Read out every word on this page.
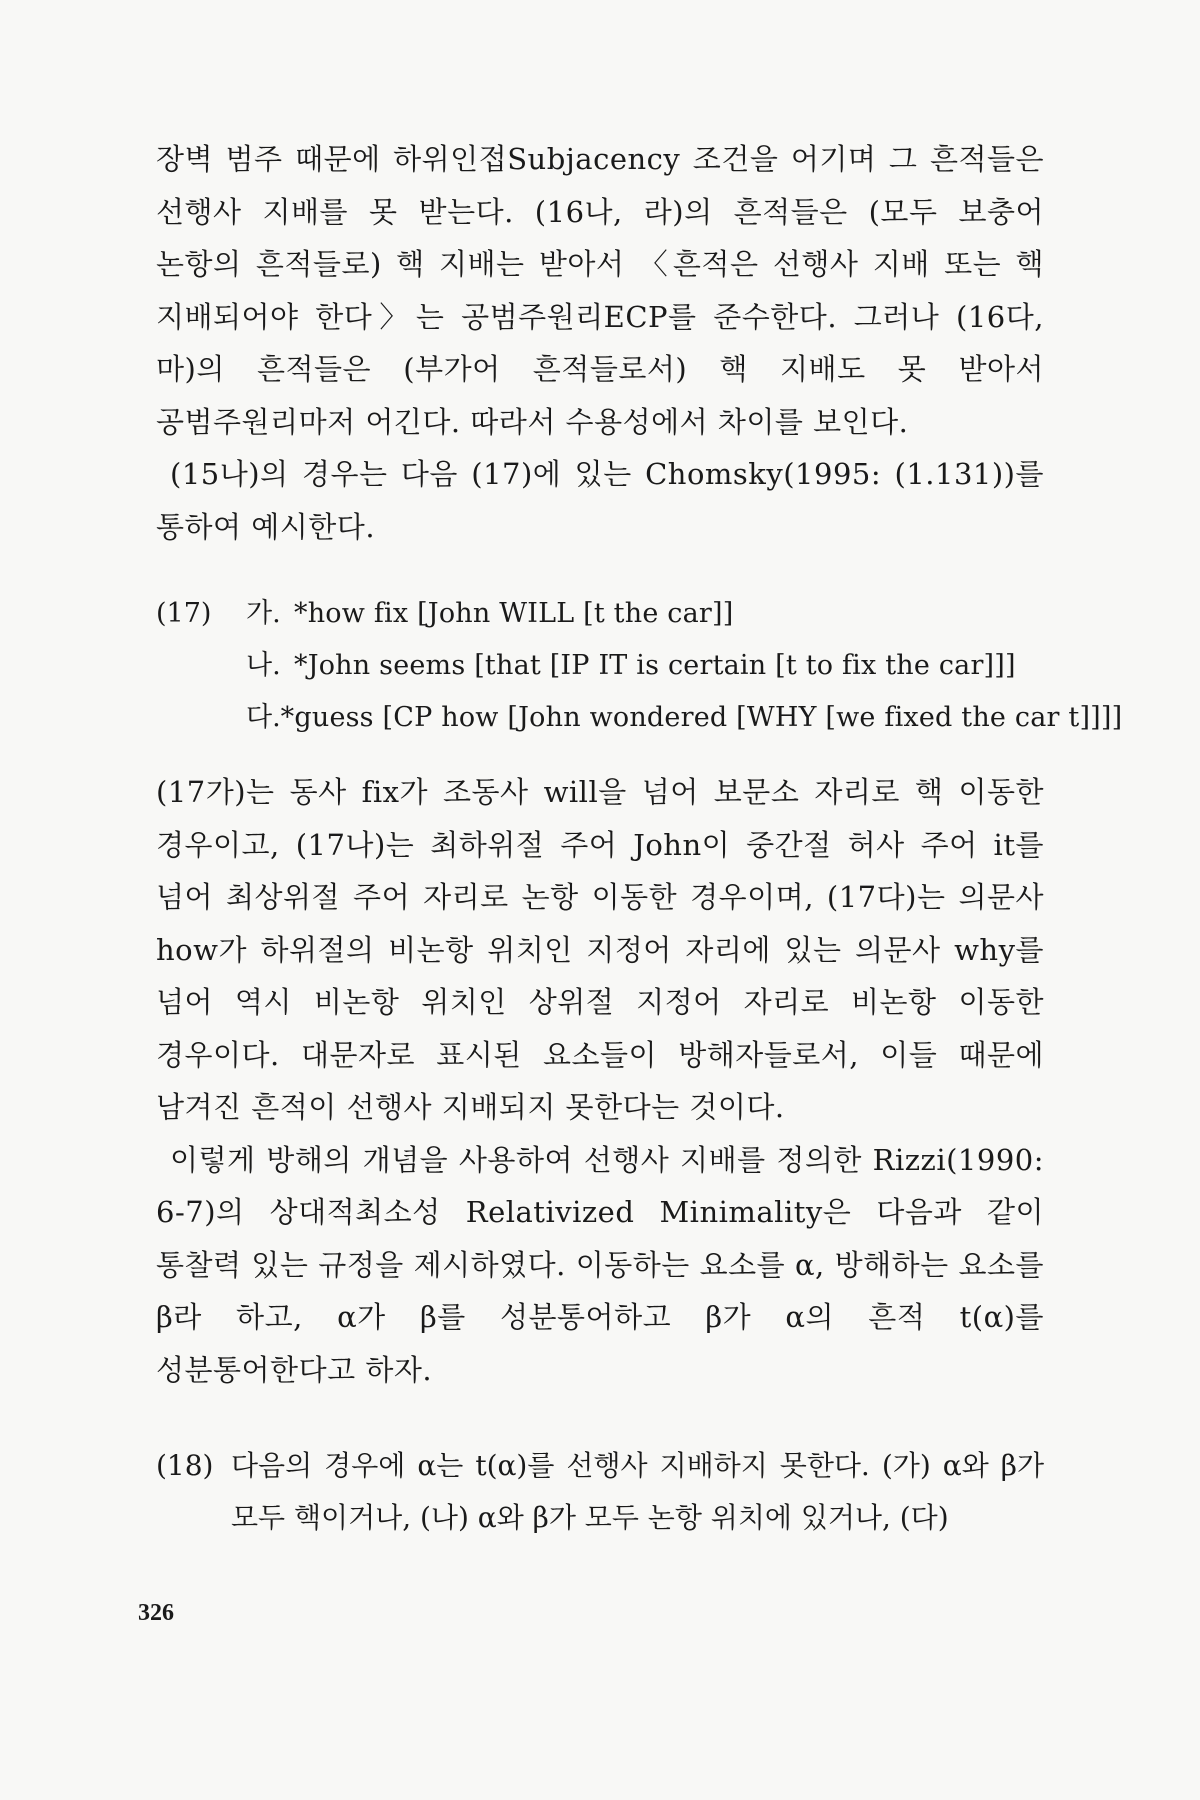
장벽 범주 때문에 하위인접Subjacency 조건을 어기며 그 흔적들은 선행사 지배를 못 받는다. (16나, 라)의 흔적들은 (모두 보충어 논항의 흔적들로) 핵 지배는 받아서 〈흔적은 선행사 지배 또는 핵 지배되어야 한다〉는 공범주원리ECP를 준수한다. 그러나 (16다, 마)의 흔적들은 (부가어 흔적들로서) 핵 지배도 못 받아서 공범주원리마저 어긴다. 따라서 수용성에서 차이를 보인다.

(15나)의 경우는 다음 (17)에 있는 Chomsky(1995: (1.131))를 통하여 예시한다.

(17)	가. *how fix [John WILL [t the car]]
나. *John seems [that [IP IT is certain [t to fix the car]]]
다. *guess [CP how [John wondered [WHY [we fixed the car t]]]]

(17가)는 동사 fix가 조동사 will을 넘어 보문소 자리로 핵 이동한 경우이고, (17나)는 최하위절 주어 John이 중간절 허사 주어 it를 넘어 최상위절 주어 자리로 논항 이동한 경우이며, (17다)는 의문사 how가 하위절의 비논항 위치인 지정어 자리에 있는 의문사 why를 넘어 역시 비논항 위치인 상위절 지정어 자리로 비논항 이동한 경우이다. 대문자로 표시된 요소들이 방해자들로서, 이들 때문에 남겨진 흔적이 선행사 지배되지 못한다는 것이다.

이렇게 방해의 개념을 사용하여 선행사 지배를 정의한 Rizzi(1990: 6-7)의 상대적최소성 Relativized Minimality은 다음과 같이 통찰력 있는 규정을 제시하였다. 이동하는 요소를 α, 방해하는 요소를 β라 하고, α가 β를 성분통어하고 β가 α의 흔적 t(α)를 성분통어한다고 하자.

(18) 다음의 경우에 α는 t(α)를 선행사 지배하지 못한다. (가) α와 β가 모두 핵이거나, (나) α와 β가 모두 논항 위치에 있거나, (다)
326
